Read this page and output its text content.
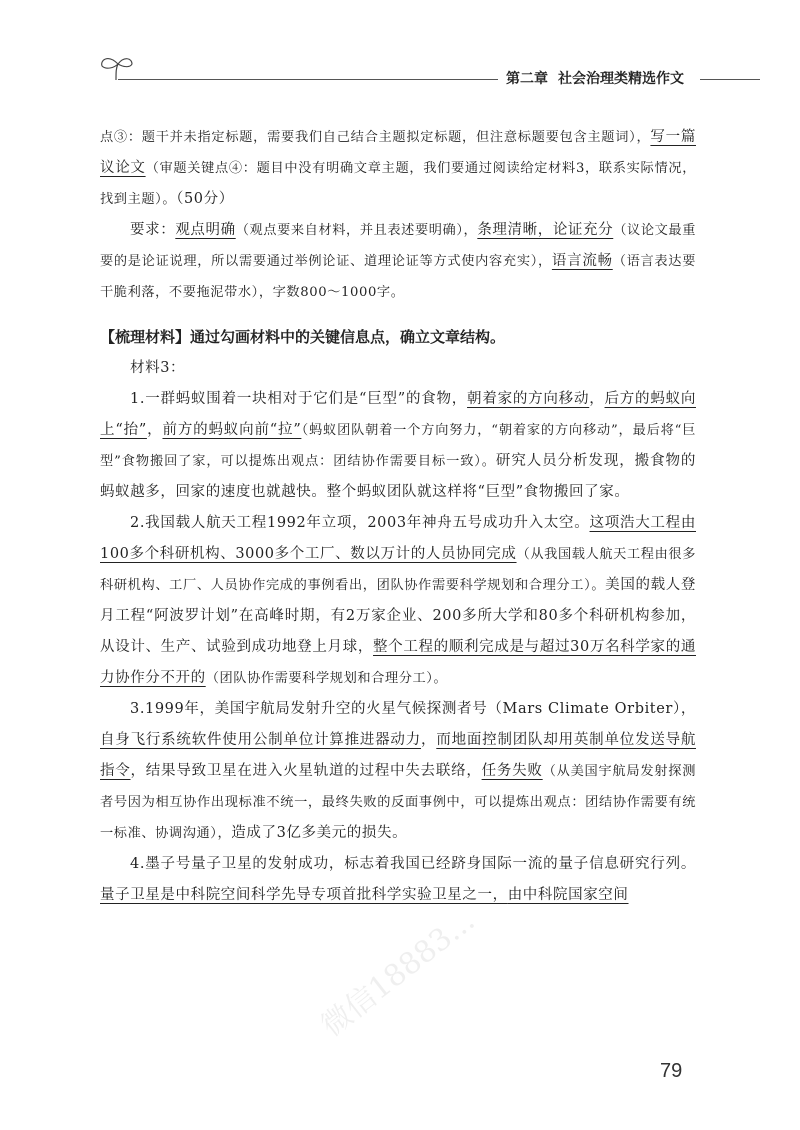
第二章 社会治理类精选作文

点③：题干并未指定标题，需要我们自己结合主题拟定标题，但注意标题要包含主题词），写一篇议论文（审题关键点④：题目中没有明确文章主题，我们要通过阅读给定材料3，联系实际情况，找到主题）。（50分）

要求：观点明确（观点要来自材料，并且表述要明确），条理清晰，论证充分（议论文最重要的是论证说理，所以需要通过举例论证、道理论证等方式使内容充实），语言流畅（语言表达要干脆利落，不要拖泥带水），字数800～1000字。

【梳理材料】通过勾画材料中的关键信息点，确立文章结构。

材料3：

1.一群蚂蚁围着一块相对于它们是“巨型”的食物，朝着家的方向移动，后方的蚂蚁向上“抬”，前方的蚂蚁向前“拉”（蚂蚁团队朝着一个方向努力，“朝着家的方向移动”，最后将“巨型”食物搬回了家，可以提炼出观点：团结协作需要目标一致）。研究人员分析发现，搬食物的蚂蚁越多，回家的速度也就越快。整个蚂蚁团队就这样将“巨型”食物搬回了家。

2.我国载人航天工程1992年立项，2003年神舟五号成功升入太空。这项浩大工程由100多个科研机构、3000多个工厂、数以万计的人员协同完成（从我国载人航天工程由很多科研机构、工厂、人员协作完成的事例看出，团队协作需要科学规划和合理分工）。美国的载人登月工程“阿波罗计划”在高峰时期，有2万家企业、200多所大学和80多个科研机构参加，从设计、生产、试验到成功地登上月球，整个工程的顺利完成是与超过30万名科学家的通力协作分不开的（团队协作需要科学规划和合理分工）。

3.1999年，美国宇航局发射升空的火星气候探测者号（Mars Climate Orbiter），自身飞行系统软件使用公制单位计算推进器动力，而地面控制团队却用英制单位发送导航指令，结果导致卫星在进入火星轨道的过程中失去联络，任务失败（从美国宇航局发射探测者号因为相互协作出现标准不统一，最终失败的反面事例中，可以提炼出观点：团结协作需要有统一标准、协调沟通），造成了3亿多美元的损失。

4.墨子号量子卫星的发射成功，标志着我国已经跻身国际一流的量子信息研究行列。量子卫星是中科院空间科学先导专项首批科学实验卫星之一，由中科院国家空间

79
微信18883...
